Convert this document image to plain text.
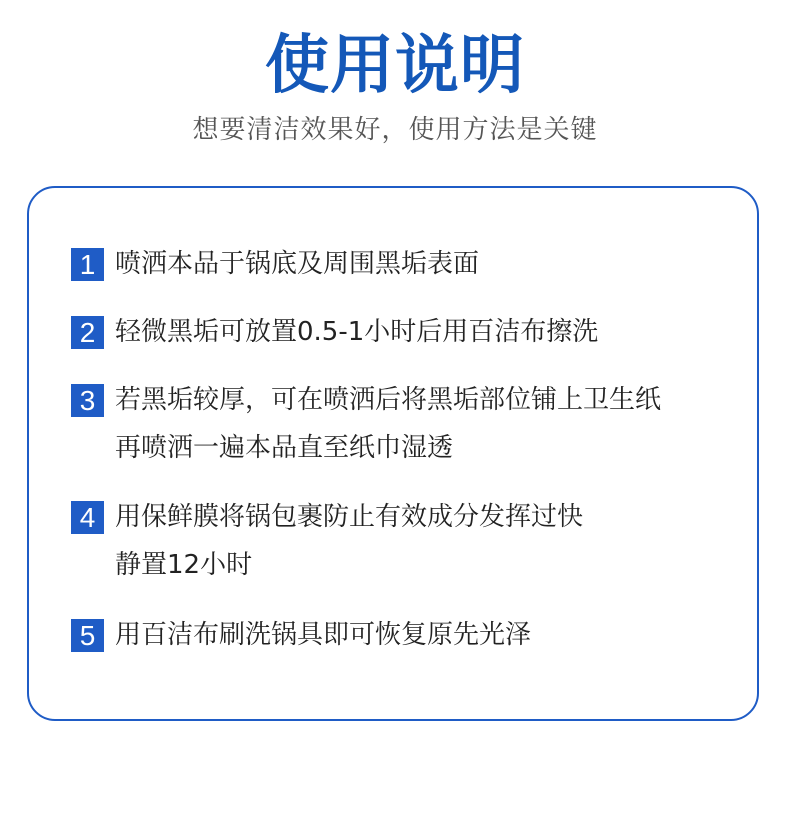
使用说明
想要清洁效果好，使用方法是关键
1 喷洒本品于锅底及周围黑垢表面
2 轻微黑垢可放置0.5-1小时后用百洁布擦洗
3 若黑垢较厚，可在喷洒后将黑垢部位铺上卫生纸
再喷洒一遍本品直至纸巾湿透
4 用保鲜膜将锅包裹防止有效成分发挥过快
静置12小时
5 用百洁布刷洗锅具即可恢复原先光泽
